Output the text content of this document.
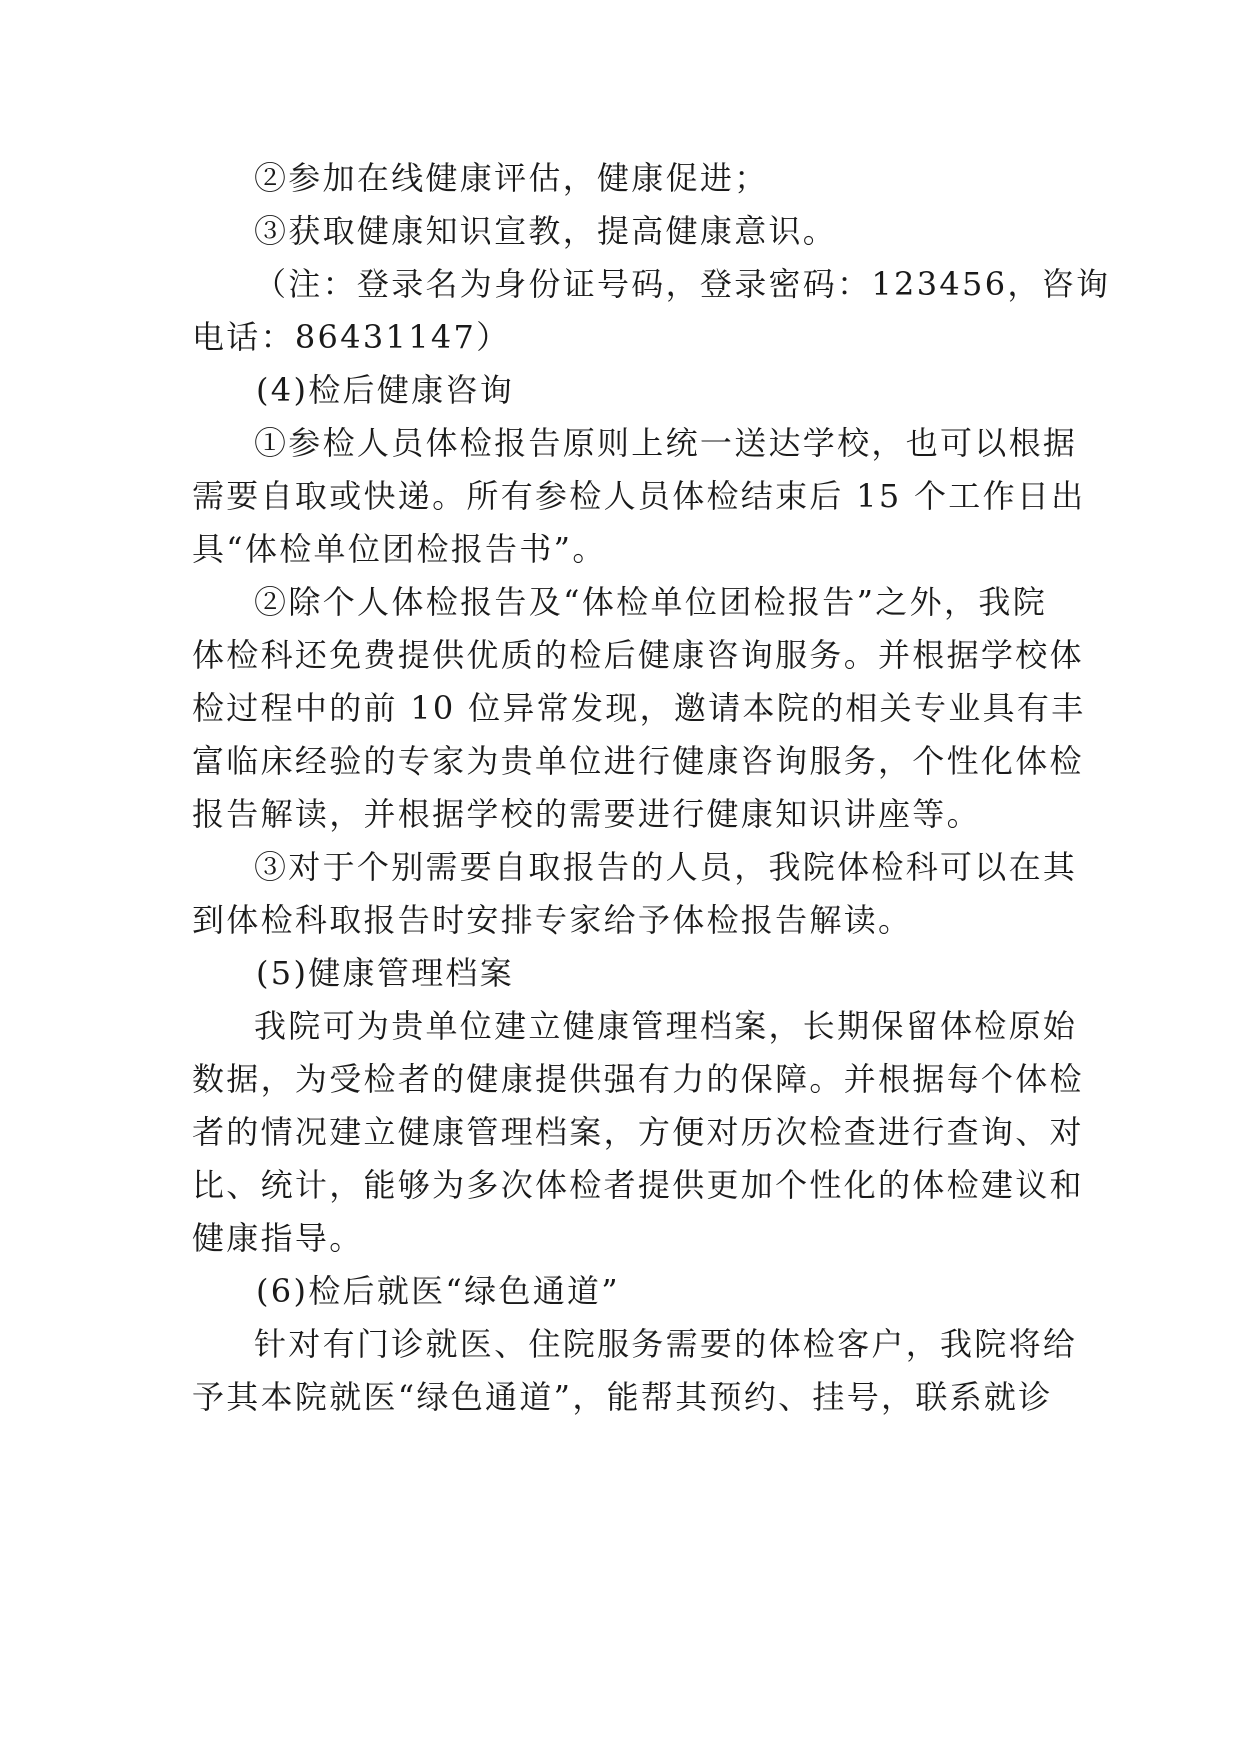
②参加在线健康评估，健康促进；
③获取健康知识宣教，提高健康意识。
（注：登录名为身份证号码，登录密码：123456，咨询
电话：86431147）
(4)检后健康咨询
①参检人员体检报告原则上统一送达学校，也可以根据
需要自取或快递。所有参检人员体检结束后 15 个工作日出
具“体检单位团检报告书”。
②除个人体检报告及“体检单位团检报告”之外，我院
体检科还免费提供优质的检后健康咨询服务。并根据学校体
检过程中的前 10 位异常发现，邀请本院的相关专业具有丰
富临床经验的专家为贵单位进行健康咨询服务，个性化体检
报告解读，并根据学校的需要进行健康知识讲座等。
③对于个别需要自取报告的人员，我院体检科可以在其
到体检科取报告时安排专家给予体检报告解读。
(5)健康管理档案
我院可为贵单位建立健康管理档案，长期保留体检原始
数据，为受检者的健康提供强有力的保障。并根据每个体检
者的情况建立健康管理档案，方便对历次检查进行查询、对
比、统计，能够为多次体检者提供更加个性化的体检建议和
健康指导。
(6)检后就医“绿色通道”
针对有门诊就医、住院服务需要的体检客户，我院将给
予其本院就医“绿色通道”，能帮其预约、挂号，联系就诊
